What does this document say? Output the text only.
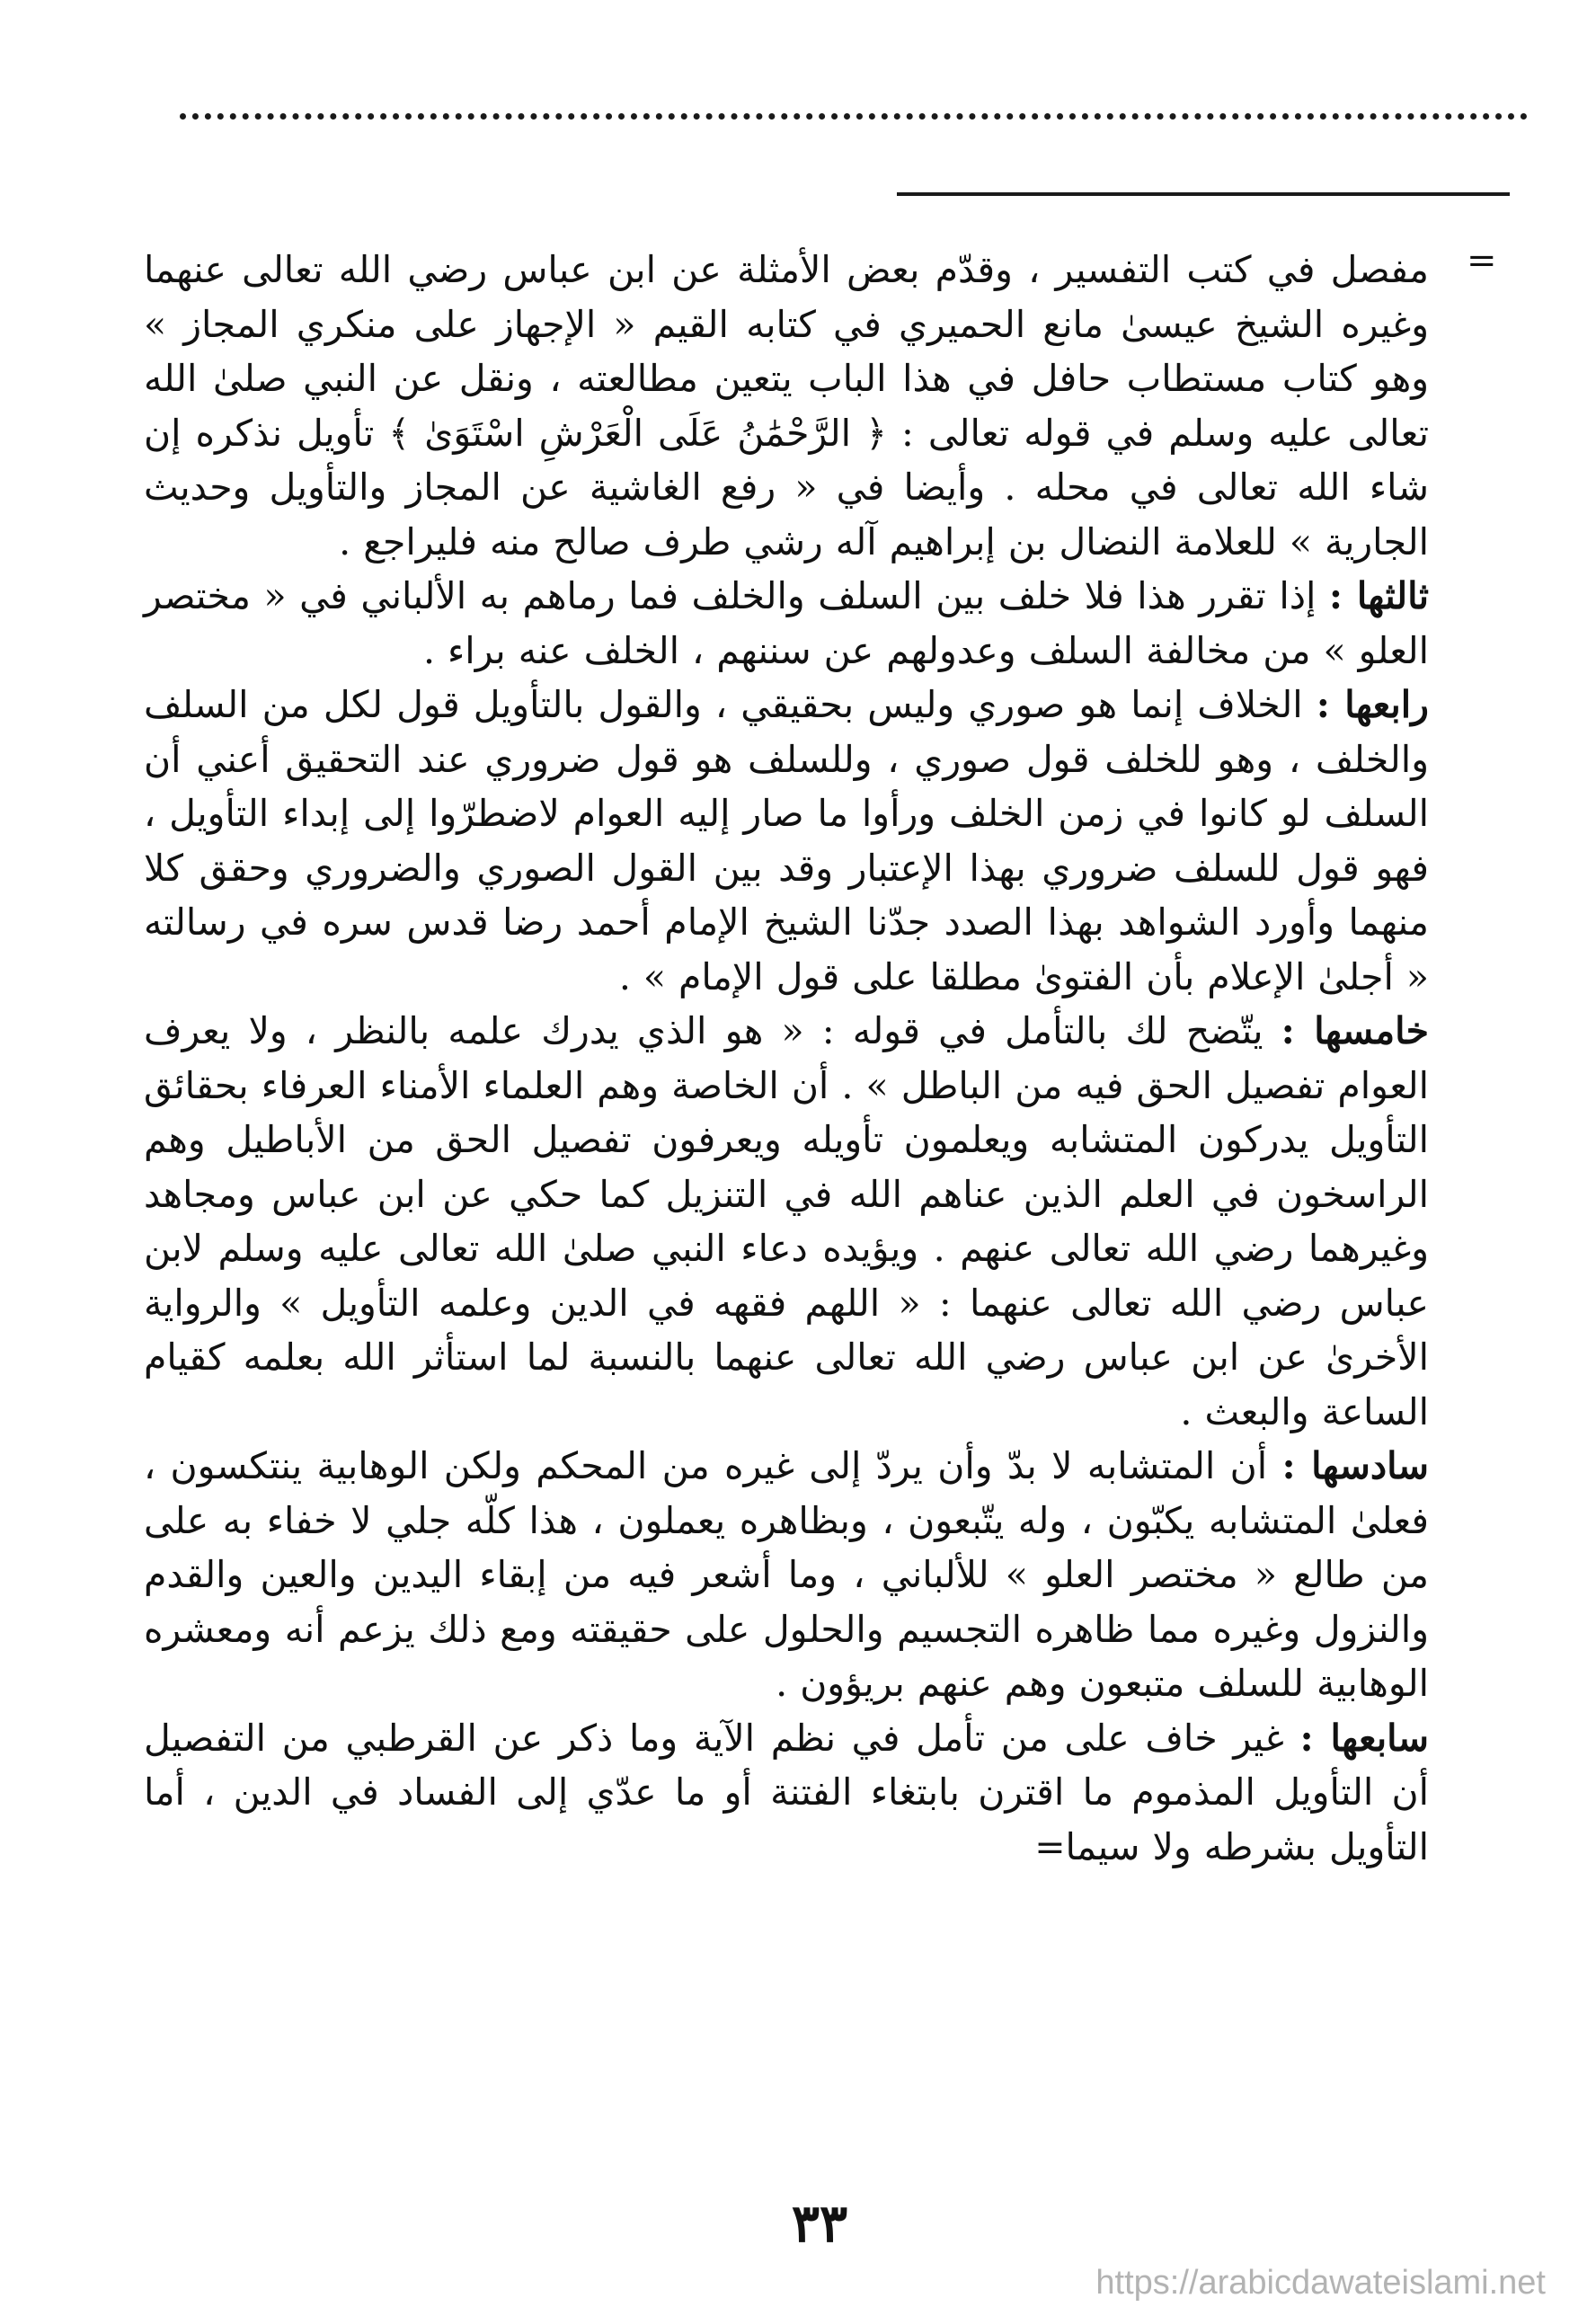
=

مفصل في كتب التفسير ، وقدّم بعض الأمثلة عن ابن عباس رضي الله تعالى عنهما وغيره الشيخ عيسىٰ مانع الحميري في كتابه القيم « الإجهاز على منكري المجاز » وهو كتاب مستطاب حافل في هذا الباب يتعين مطالعته ، ونقل عن النبي صلىٰ الله تعالى عليه وسلم في قوله تعالى : ﴿ الرَّحْمَٰنُ عَلَى الْعَرْشِ اسْتَوَىٰ ﴾ تأويل نذكره إن شاء الله تعالى في محله . وأيضا في « رفع الغاشية عن المجاز والتأويل وحديث الجارية » للعلامة النضال بن إبراهيم آله رشي طرف صالح منه فليراجع .

ثالثها : إذا تقرر هذا فلا خلف بين السلف والخلف فما رماهم به الألباني في « مختصر العلو » من مخالفة السلف وعدولهم عن سننهم ، الخلف عنه براء .

رابعها : الخلاف إنما هو صوري وليس بحقيقي ، والقول بالتأويل قول لكل من السلف والخلف ، وهو للخلف قول صوري ، وللسلف هو قول ضروري عند التحقيق أعني أن السلف لو كانوا في زمن الخلف ورأوا ما صار إليه العوام لاضطرّوا إلى إبداء التأويل ، فهو قول للسلف ضروري بهذا الإعتبار وقد بين القول الصوري والضروري وحقق كلا منهما وأورد الشواهد بهذا الصدد جدّنا الشيخ الإمام أحمد رضا قدس سره في رسالته « أجلىٰ الإعلام بأن الفتوىٰ مطلقا على قول الإمام » .

خامسها : يتّضح لك بالتأمل في قوله : « هو الذي يدرك علمه بالنظر ، ولا يعرف العوام تفصيل الحق فيه من الباطل » . أن الخاصة وهم العلماء الأمناء العرفاء بحقائق التأويل يدركون المتشابه ويعلمون تأويله ويعرفون تفصيل الحق من الأباطيل وهم الراسخون في العلم الذين عناهم الله في التنزيل كما حكي عن ابن عباس ومجاهد وغيرهما رضي الله تعالى عنهم . ويؤيده دعاء النبي صلىٰ الله تعالى عليه وسلم لابن عباس رضي الله تعالى عنهما : « اللهم فقهه في الدين وعلمه التأويل » والرواية الأخرىٰ عن ابن عباس رضي الله تعالى عنهما بالنسبة لما استأثر الله بعلمه كقيام الساعة والبعث .

سادسها : أن المتشابه لا بدّ وأن يردّ إلى غيره من المحكم ولكن الوهابية ينتكسون ، فعلىٰ المتشابه يكبّون ، وله يتّبعون ، وبظاهره يعملون ، هذا كلّه جلي لا خفاء به على من طالع « مختصر العلو » للألباني ، وما أشعر فيه من إبقاء اليدين والعين والقدم والنزول وغيره مما ظاهره التجسيم والحلول على حقيقته ومع ذلك يزعم أنه ومعشره الوهابية للسلف متبعون وهم عنهم بريؤون .

سابعها : غير خاف على من تأمل في نظم الآية وما ذكر عن القرطبي من التفصيل أن التأويل المذموم ما اقترن بابتغاء الفتنة أو ما عدّي إلى الفساد في الدين ، أما التأويل بشرطه ولا سيما=

٣٣
https://arabicdawateislami.net
